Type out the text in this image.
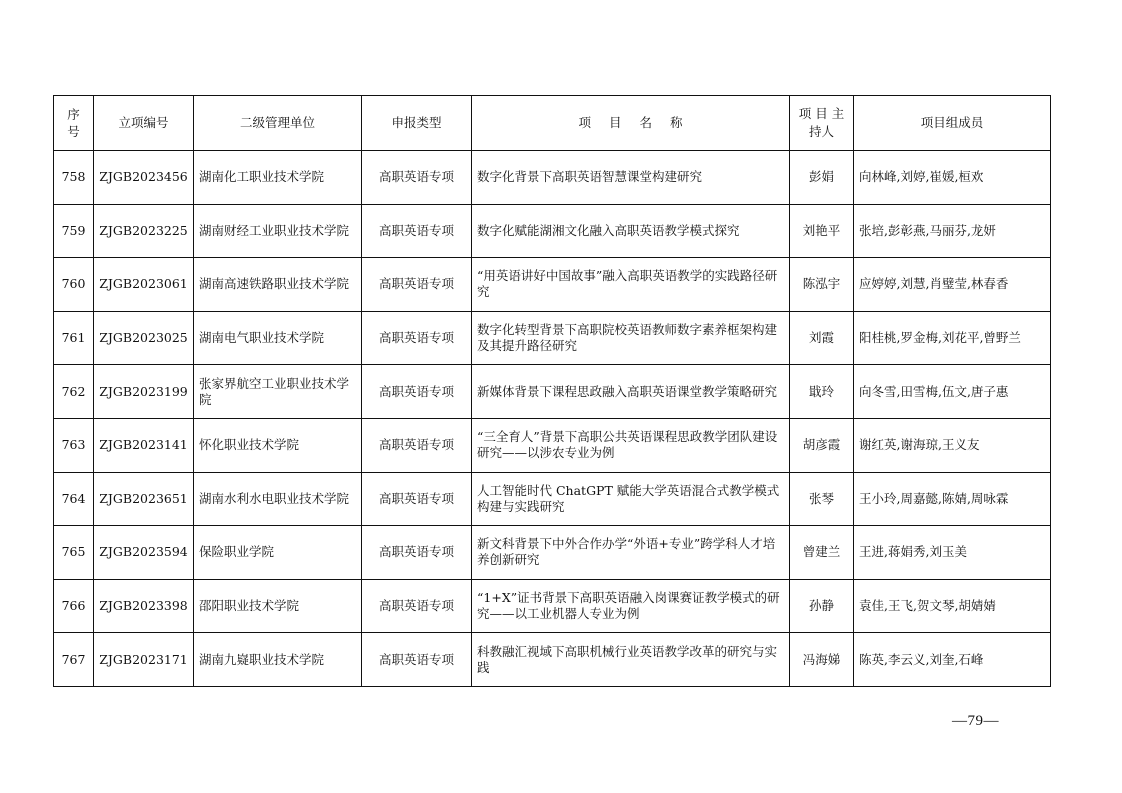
序号	立项编号	二级管理单位	申报类型	项 目 名 称	项 目 主持人	项目组成员
758	ZJGB2023456	湖南化工职业技术学院	高职英语专项	数字化背景下高职英语智慧课堂构建研究	彭娟	向林峰,刘婷,崔媛,桓欢
759	ZJGB2023225	湖南财经工业职业技术学院	高职英语专项	数字化赋能湖湘文化融入高职英语教学模式探究	刘艳平	张培,彭彰燕,马丽芬,龙妍
760	ZJGB2023061	湖南高速铁路职业技术学院	高职英语专项	“用英语讲好中国故事”融入高职英语教学的实践路径研究	陈泓宇	应婷婷,刘慧,肖璧莹,林春香
761	ZJGB2023025	湖南电气职业技术学院	高职英语专项	数字化转型背景下高职院校英语教师数字素养框架构建及其提升路径研究	刘霞	阳桂桃,罗金梅,刘花平,曾野兰
762	ZJGB2023199	张家界航空工业职业技术学院	高职英语专项	新媒体背景下课程思政融入高职英语课堂教学策略研究	戢玲	向冬雪,田雪梅,伍文,唐子惠
763	ZJGB2023141	怀化职业技术学院	高职英语专项	“三全育人”背景下高职公共英语课程思政教学团队建设研究——以涉农专业为例	胡彦霞	谢红英,谢海琼,王义友
764	ZJGB2023651	湖南水利水电职业技术学院	高职英语专项	人工智能时代 ChatGPT 赋能大学英语混合式教学模式构建与实践研究	张琴	王小玲,周嘉懿,陈婧,周咏霖
765	ZJGB2023594	保险职业学院	高职英语专项	新文科背景下中外合作办学“外语+专业”跨学科人才培养创新研究	曾建兰	王进,蒋娟秀,刘玉美
766	ZJGB2023398	邵阳职业技术学院	高职英语专项	“1+X”证书背景下高职英语融入岗课赛证教学模式的研究——以工业机器人专业为例	孙静	袁佳,王飞,贺文琴,胡婧婧
767	ZJGB2023171	湖南九嶷职业技术学院	高职英语专项	科教融汇视域下高职机械行业英语教学改革的研究与实践	冯海娣	陈英,李云义,刘奎,石峰
—79—
